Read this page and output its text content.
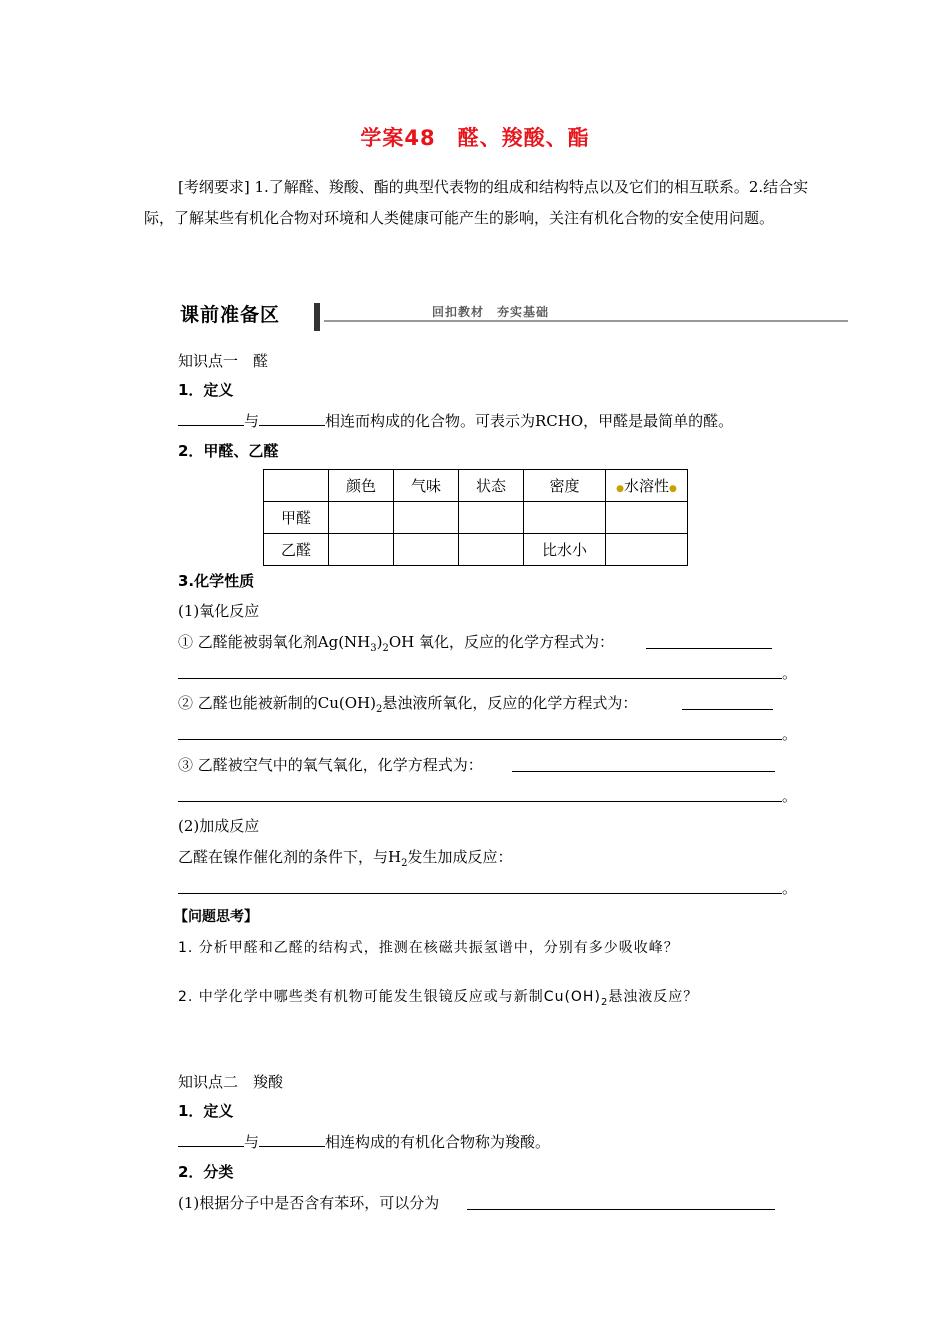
学案48　醛、羧酸、酯
[考纲要求] 1.了解醛、羧酸、酯的典型代表物的组成和结构特点以及它们的相互联系。2.结合实际，了解某些有机化合物对环境和人类健康可能产生的影响，关注有机化合物的安全使用问题。
课前准备区	回扣教材　夯实基础
知识点一　醛
1．定义
与	相连而构成的化合物。可表示为RCHO，甲醛是最简单的醛。
2．甲醛、乙醛
	颜色	气味	状态	密度	●水溶性●
甲醛					
乙醛				比水小	
3.化学性质
(1)氧化反应
① 乙醛能被弱氧化剂$Ag(NH_3)_2OH$ 氧化，反应的化学方程式为：
。
② 乙醛也能被新制的$Cu(OH)_2$悬浊液所氧化，反应的化学方程式为：
。
③ 乙醛被空气中的氧气氧化，化学方程式为：
。
(2)加成反应
乙醛在镍作催化剂的条件下，与$H_2$发生加成反应：
。
【问题思考】
1. 分析甲醛和乙醛的结构式，推测在核磁共振氢谱中，分别有多少吸收峰？
2. 中学化学中哪些类有机物可能发生银镜反应或与新制$Cu(OH)_2$悬浊液反应？
知识点二　羧酸
1．定义
与	相连构成的有机化合物称为羧酸。
2．分类
(1)根据分子中是否含有苯环，可以分为
